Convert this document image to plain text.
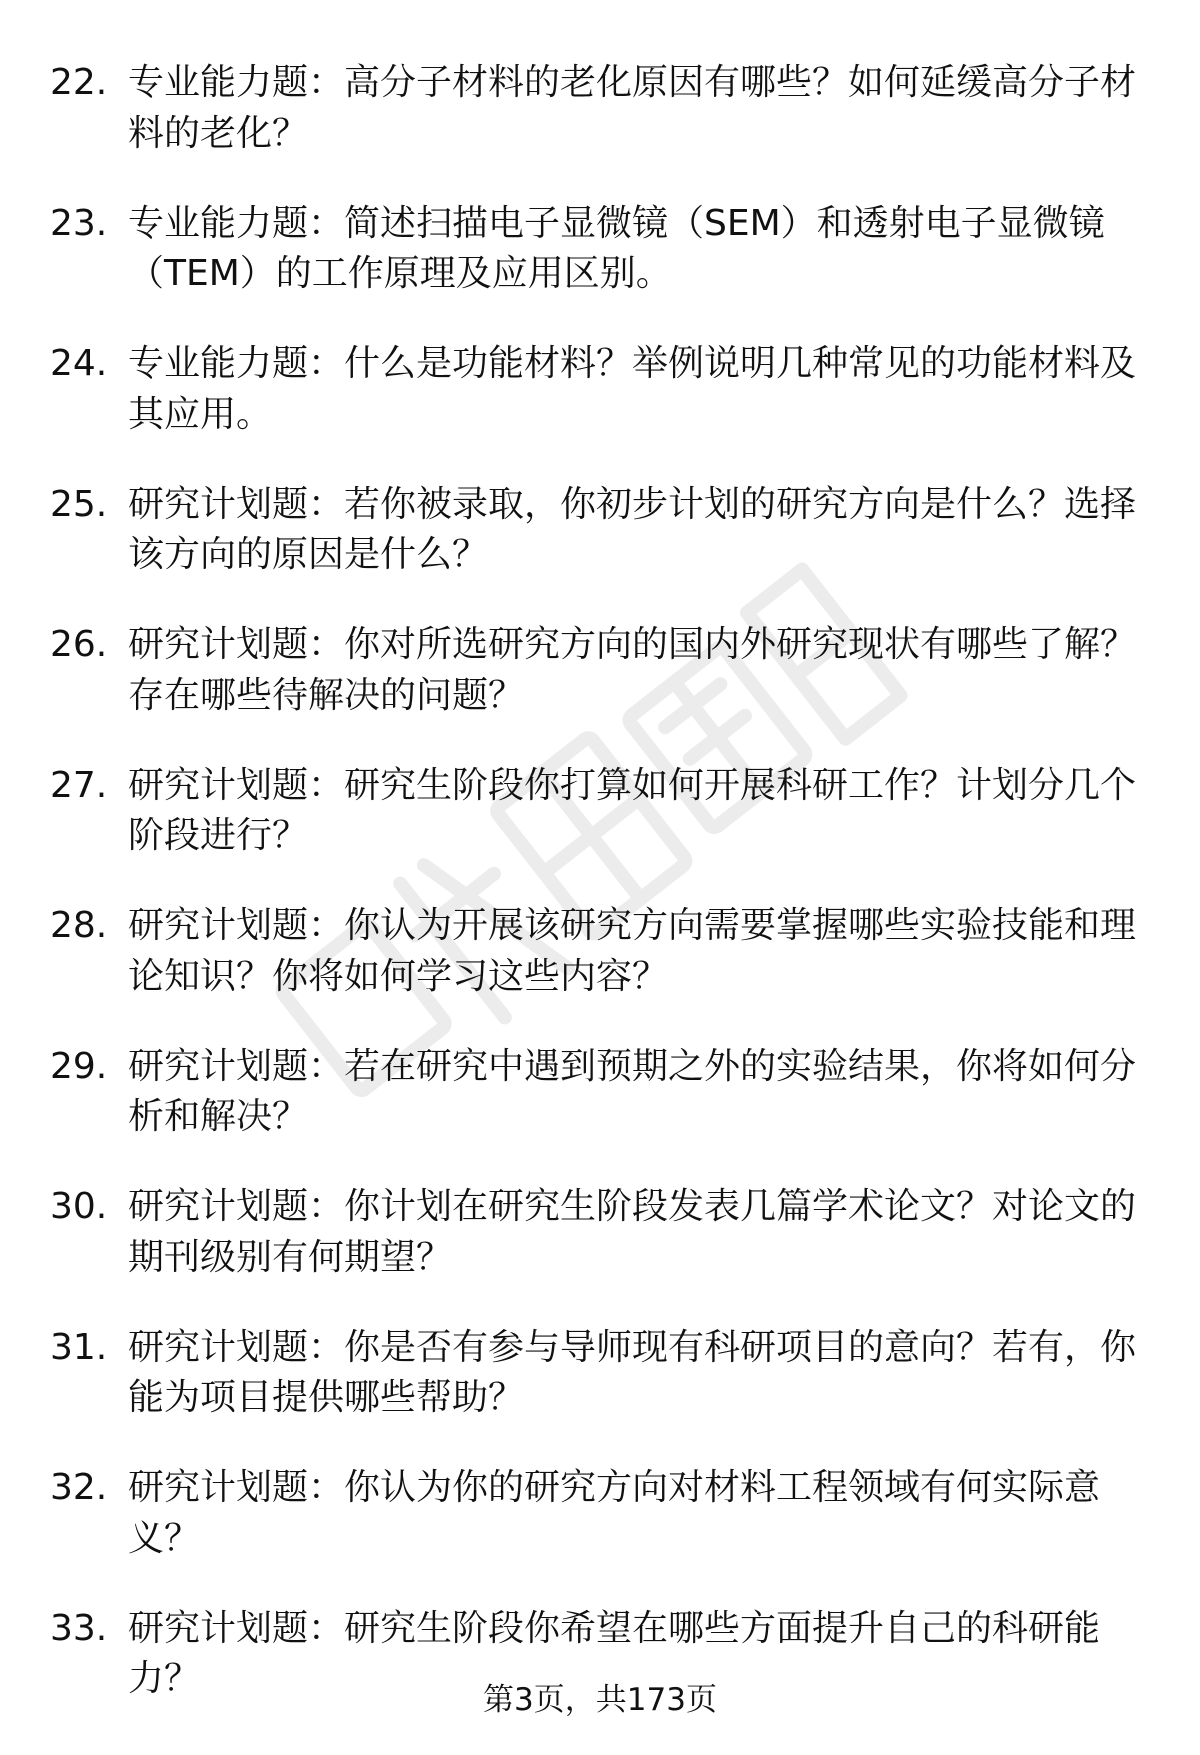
22. 专业能力题：高分子材料的老化原因有哪些？如何延缓高分子材料的老化？
23. 专业能力题：简述扫描电子显微镜（SEM）和透射电子显微镜（TEM）的工作原理及应用区别。
24. 专业能力题：什么是功能材料？举例说明几种常见的功能材料及其应用。
25. 研究计划题：若你被录取，你初步计划的研究方向是什么？选择该方向的原因是什么？
26. 研究计划题：你对所选研究方向的国内外研究现状有哪些了解？存在哪些待解决的问题？
27. 研究计划题：研究生阶段你打算如何开展科研工作？计划分几个阶段进行？
28. 研究计划题：你认为开展该研究方向需要掌握哪些实验技能和理论知识？你将如何学习这些内容？
29. 研究计划题：若在研究中遇到预期之外的实验结果，你将如何分析和解决？
30. 研究计划题：你计划在研究生阶段发表几篇学术论文？对论文的期刊级别有何期望？
31. 研究计划题：你是否有参与导师现有科研项目的意向？若有，你能为项目提供哪些帮助？
32. 研究计划题：你认为你的研究方向对材料工程领域有何实际意义？
33. 研究计划题：研究生阶段你希望在哪些方面提升自己的科研能力？
第3页，共173页
